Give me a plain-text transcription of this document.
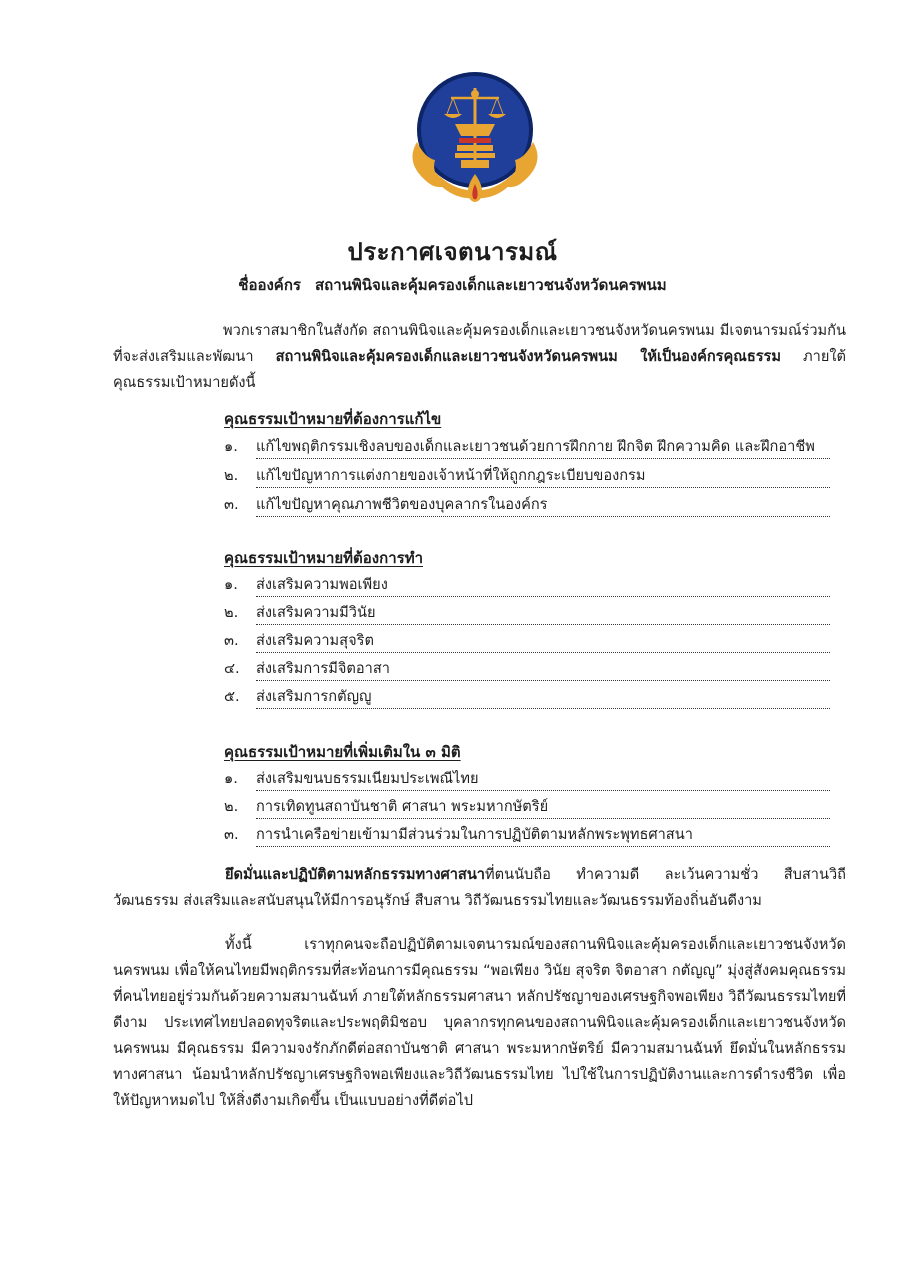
ประกาศเจตนารมณ์
ชื่อองค์กร สถานพินิจและคุ้มครองเด็กและเยาวชนจังหวัดนครพนม
พวกเราสมาชิกในสังกัด สถานพินิจและคุ้มครองเด็กและเยาวชนจังหวัดนครพนม มีเจตนารมณ์ร่วมกันที่จะส่งเสริมและพัฒนา สถานพินิจและคุ้มครองเด็กและเยาวชนจังหวัดนครพนม ให้เป็นองค์กรคุณธรรม ภายใต้คุณธรรมเป้าหมายดังนี้
คุณธรรมเป้าหมายที่ต้องการแก้ไข
๑.	แก้ไขพฤติกรรมเชิงลบของเด็กและเยาวชนด้วยการฝึกกาย ฝึกจิต ฝึกความคิด และฝึกอาชีพ
๒.	แก้ไขปัญหาการแต่งกายของเจ้าหน้าที่ให้ถูกกฎระเบียบของกรม
๓.	แก้ไขปัญหาคุณภาพชีวิตของบุคลากรในองค์กร
คุณธรรมเป้าหมายที่ต้องการทำ
๑.	ส่งเสริมความพอเพียง
๒.	ส่งเสริมความมีวินัย
๓.	ส่งเสริมความสุจริต
๔.	ส่งเสริมการมีจิตอาสา
๕.	ส่งเสริมการกตัญญู
คุณธรรมเป้าหมายที่เพิ่มเติมใน ๓ มิติ
๑.	ส่งเสริมขนบธรรมเนียมประเพณีไทย
๒.	การเทิดทูนสถาบันชาติ ศาสนา พระมหากษัตริย์
๓.	การนำเครือข่ายเข้ามามีส่วนร่วมในการปฏิบัติตามหลักพระพุทธศาสนา
ยึดมั่นและปฏิบัติตามหลักธรรมทางศาสนาที่ตนนับถือ ทำความดี ละเว้นความชั่ว สืบสานวิถีวัฒนธรรม ส่งเสริมและสนับสนุนให้มีการอนุรักษ์ สืบสาน วิถีวัฒนธรรมไทยและวัฒนธรรมท้องถิ่นอันดีงาม
ทั้งนี้ เราทุกคนจะถือปฏิบัติตามเจตนารมณ์ของสถานพินิจและคุ้มครองเด็กและเยาวชนจังหวัดนครพนม เพื่อให้คนไทยมีพฤติกรรมที่สะท้อนการมีคุณธรรม “พอเพียง วินัย สุจริต จิตอาสา กตัญญู” มุ่งสู่สังคมคุณธรรมที่คนไทยอยู่ร่วมกันด้วยความสมานฉันท์ ภายใต้หลักธรรมศาสนา หลักปรัชญาของเศรษฐกิจพอเพียง วิถีวัฒนธรรมไทยที่ดีงาม ประเทศไทยปลอดทุจริตและประพฤติมิชอบ บุคลากรทุกคนของสถานพินิจและคุ้มครองเด็กและเยาวชนจังหวัดนครพนม มีคุณธรรม มีความจงรักภักดีต่อสถาบันชาติ ศาสนา พระมหากษัตริย์ มีความสมานฉันท์ ยึดมั่นในหลักธรรมทางศาสนา น้อมนำหลักปรัชญาเศรษฐกิจพอเพียงและวิถีวัฒนธรรมไทย ไปใช้ในการปฏิบัติงานและการดำรงชีวิต เพื่อให้ปัญหาหมดไป ให้สิ่งดีงามเกิดขึ้น เป็นแบบอย่างที่ดีต่อไป
